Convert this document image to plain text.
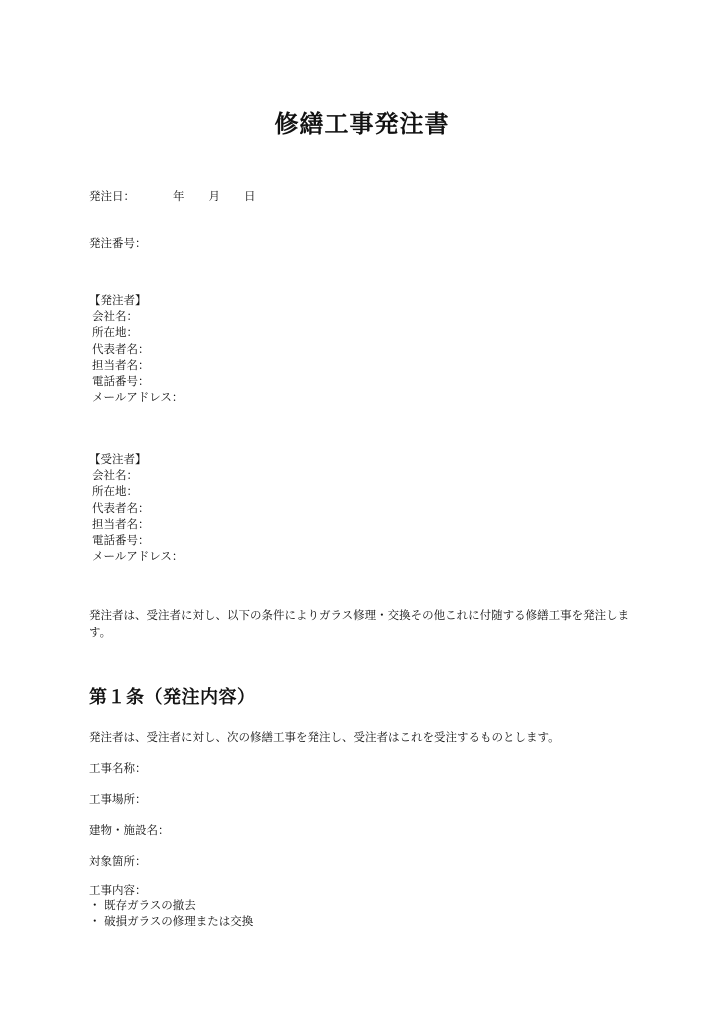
修繕工事発注書
発注日：	年 月 日
発注番号：
【発注者】
会社名：
所在地：
代表者名：
担当者名：
電話番号：
メールアドレス：
【受注者】
会社名：
所在地：
代表者名：
担当者名：
電話番号：
メールアドレス：
発注者は、受注者に対し、以下の条件によりガラス修理・交換その他これに付随する修繕工事を発注します。
第１条（発注内容）
発注者は、受注者に対し、次の修繕工事を発注し、受注者はこれを受注するものとします。
工事名称：
工事場所：
建物・施設名：
対象箇所：
工事内容：
・ 既存ガラスの撤去
・ 破損ガラスの修理または交換
